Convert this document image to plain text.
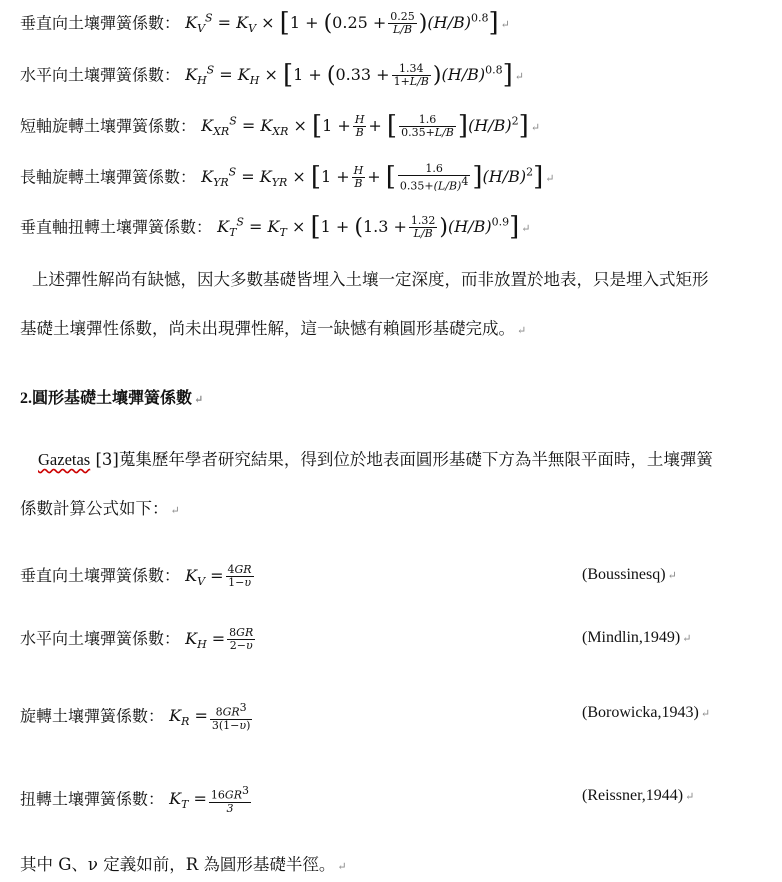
垂直向土壤彈簧係數： $K_V^S = K_V \times [1 + (0.25 + \frac{0.25}{L/B} )(H/B)^{0.8}]$ ↵
水平向土壤彈簧係數： $K_H^S = K_H \times [1 + (0.33 + \frac{1.34}{1+L/B} )(H/B)^{0.8}]$ ↵
短軸旋轉土壤彈簧係數： $K_{XR}^S = K_{XR} \times [1 + \frac{H}{B}$ + [ $\frac{1.6}{0.35+L/B} ](H/B)^2$] ↵
長軸旋轉土壤彈簧係數： $K_{YR}^S = K_{YR} \times [1 + \frac{H}{B}$ + [ $\frac{1.6}{0.35+(L/B)^4} ](H/B)^2$] ↵
垂直軸扭轉土壤彈簧係數： $K_T^S = K_T \times [1 + (1.3 + \frac{1.32}{L/B} )(H/B)^{0.9}]$ ↵
上述彈性解尚有缺憾，因大多數基礎皆埋入土壤一定深度，而非放置於地表，只是埋入式矩形
基礎土壤彈性係數，尚未出現彈性解，這一缺憾有賴圓形基礎完成。 ↵
2.圓形基礎土壤彈簧係數 ↵
Gazetas [3]蒐集歷年學者研究結果，得到位於地表面圓形基礎下方為半無限平面時，土壤彈簧
係數計算公式如下： ↵
垂直向土壤彈簧係數： $K_V = \frac{4GR}{1-\upsilon}$	(Boussinesq) ↵
水平向土壤彈簧係數： $K_H = \frac{8GR}{2-\upsilon}$	(Mindlin,1949) ↵
旋轉土壤彈簧係數： $K_R = \frac{8GR^3}{3(1-\upsilon)}$	(Borowicka,1943) ↵
扭轉土壤彈簧係數： $K_T = \frac{16GR^3}{3}$	(Reissner,1944) ↵
其中 G、ν 定義如前，R 為圓形基礎半徑。 ↵
